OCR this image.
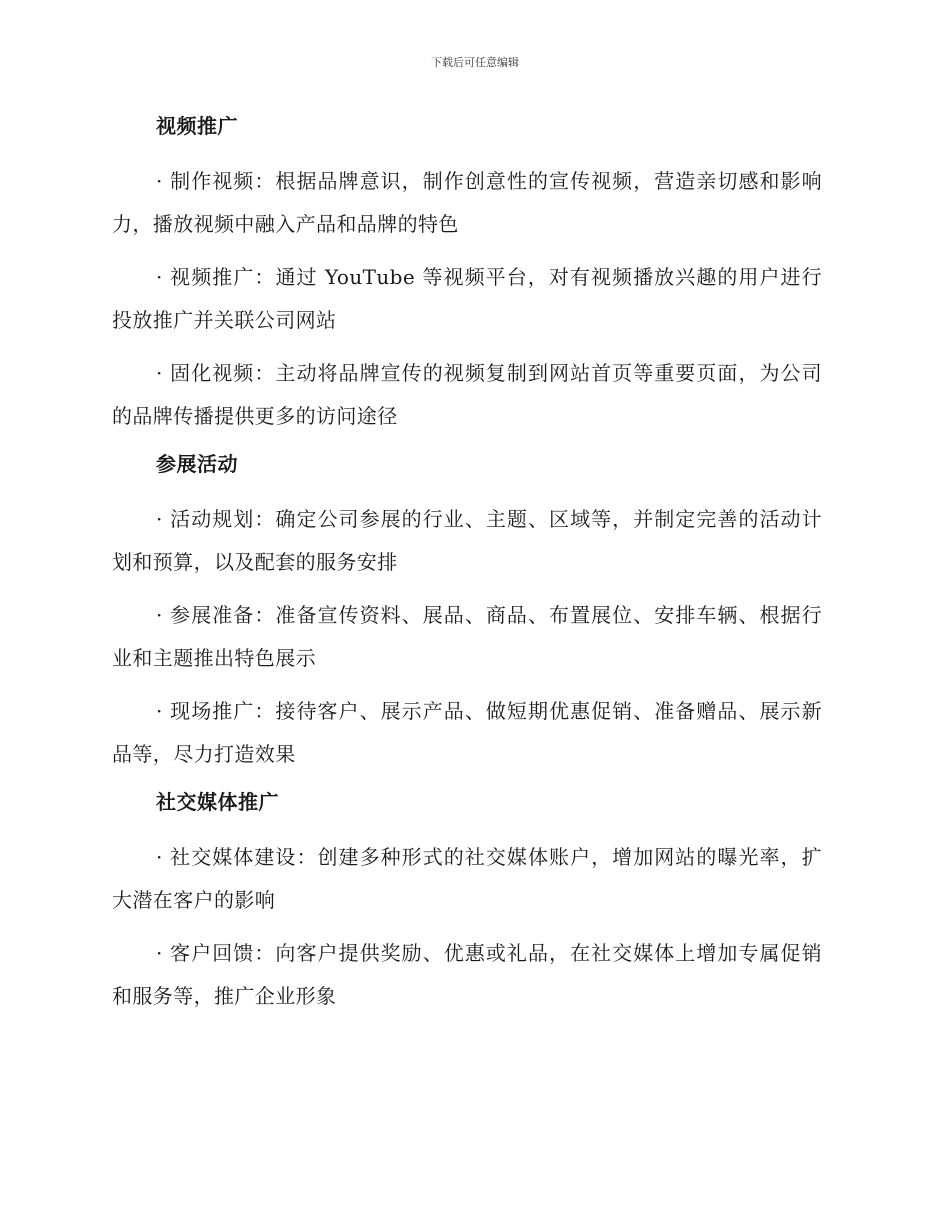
下载后可任意编辑
视频推广

· 制作视频：根据品牌意识，制作创意性的宣传视频，营造亲切感和影响力，播放视频中融入产品和品牌的特色

· 视频推广：通过 YouTube 等视频平台，对有视频播放兴趣的用户进行投放推广并关联公司网站

· 固化视频：主动将品牌宣传的视频复制到网站首页等重要页面，为公司的品牌传播提供更多的访问途径

参展活动

· 活动规划：确定公司参展的行业、主题、区域等，并制定完善的活动计划和预算，以及配套的服务安排

· 参展准备：准备宣传资料、展品、商品、布置展位、安排车辆、根据行业和主题推出特色展示

· 现场推广：接待客户、展示产品、做短期优惠促销、准备赠品、展示新品等，尽力打造效果

社交媒体推广

· 社交媒体建设：创建多种形式的社交媒体账户，增加网站的曝光率，扩大潜在客户的影响

· 客户回馈：向客户提供奖励、优惠或礼品，在社交媒体上增加专属促销和服务等，推广企业形象
